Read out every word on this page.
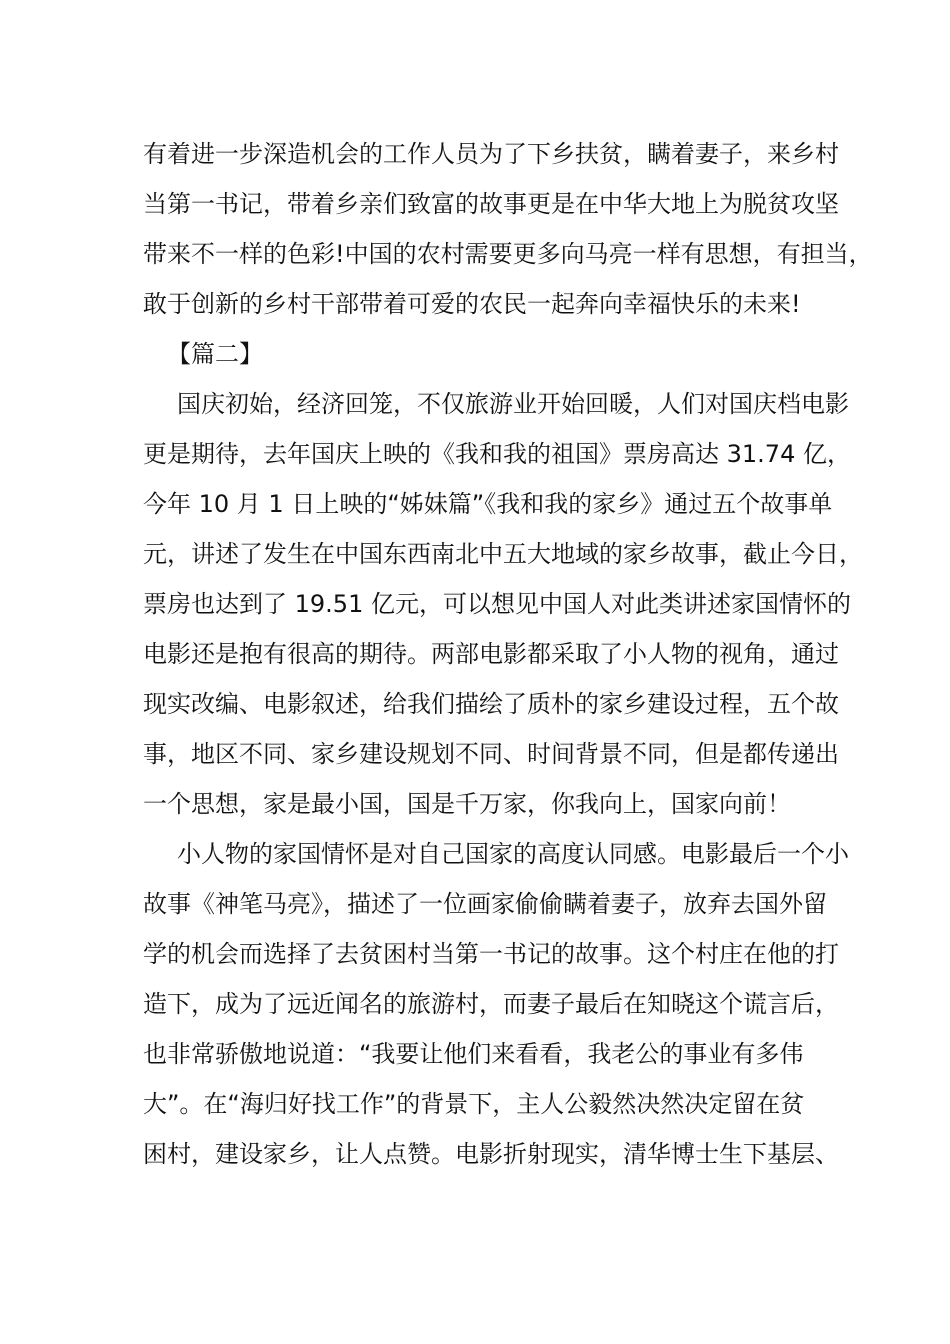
有着进一步深造机会的工作人员为了下乡扶贫，瞒着妻子，来乡村
当第一书记，带着乡亲们致富的故事更是在中华大地上为脱贫攻坚
带来不一样的色彩!中国的农村需要更多向马亮一样有思想，有担当，
敢于创新的乡村干部带着可爱的农民一起奔向幸福快乐的未来!
【篇二】
国庆初始，经济回笼，不仅旅游业开始回暖，人们对国庆档电影
更是期待，去年国庆上映的《我和我的祖国》票房高达 31.74 亿，
今年 10 月 1 日上映的“姊妹篇”《我和我的家乡》通过五个故事单
元，讲述了发生在中国东西南北中五大地域的家乡故事，截止今日，
票房也达到了 19.51 亿元，可以想见中国人对此类讲述家国情怀的
电影还是抱有很高的期待。两部电影都采取了小人物的视角，通过
现实改编、电影叙述，给我们描绘了质朴的家乡建设过程，五个故
事，地区不同、家乡建设规划不同、时间背景不同，但是都传递出
一个思想，家是最小国，国是千万家，你我向上，国家向前！
小人物的家国情怀是对自己国家的高度认同感。电影最后一个小
故事《神笔马亮》，描述了一位画家偷偷瞒着妻子，放弃去国外留
学的机会而选择了去贫困村当第一书记的故事。这个村庄在他的打
造下，成为了远近闻名的旅游村，而妻子最后在知晓这个谎言后，
也非常骄傲地说道：“我要让他们来看看，我老公的事业有多伟
大”。在“海归好找工作”的背景下，主人公毅然决然决定留在贫
困村，建设家乡，让人点赞。电影折射现实，清华博士生下基层、
